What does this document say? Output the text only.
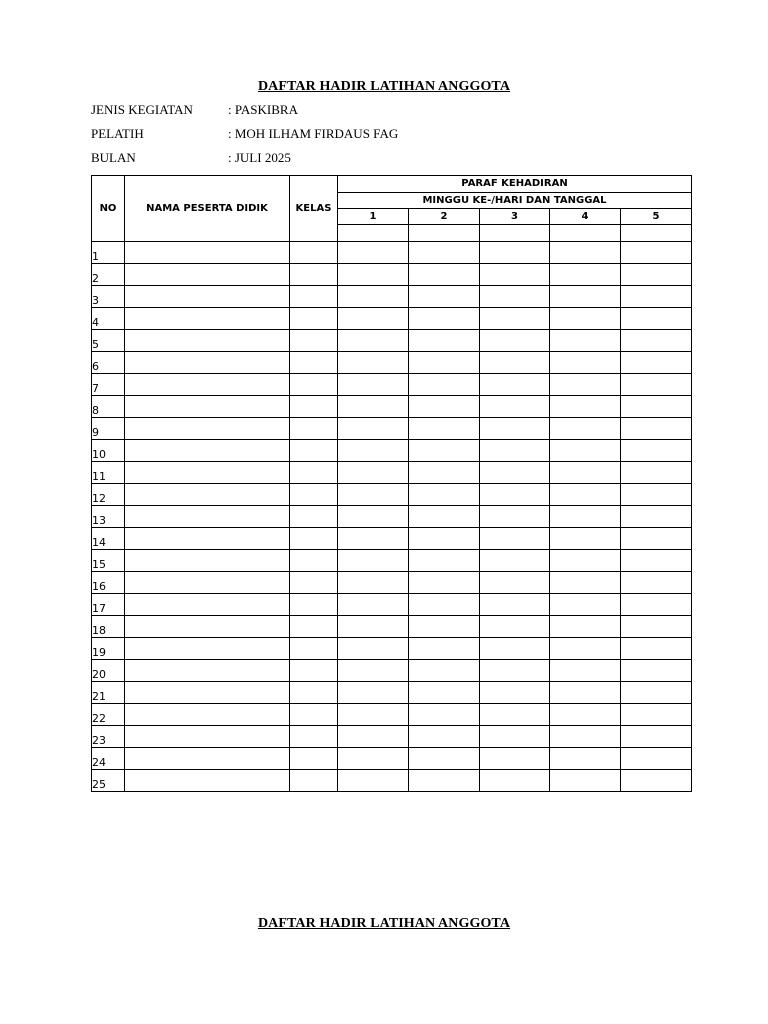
DAFTAR HADIR LATIHAN ANGGOTA
JENIS KEGIATAN	: PASKIBRA
PELATIH	: MOH ILHAM FIRDAUS FAG
BULAN	: JULI 2025
NO	NAMA PESERTA DIDIK	KELAS	PARAF KEHADIRAN				
			MINGGU KE-/HARI DAN TANGGAL				
			1	2	3	4	5

1							
2							
3							
4							
5							
6							
7							
8							
9							
10							
11							
12							
13							
14							
15							
16							
17							
18							
19							
20							
21							
22							
23							
24							
25							
DAFTAR HADIR LATIHAN ANGGOTA
